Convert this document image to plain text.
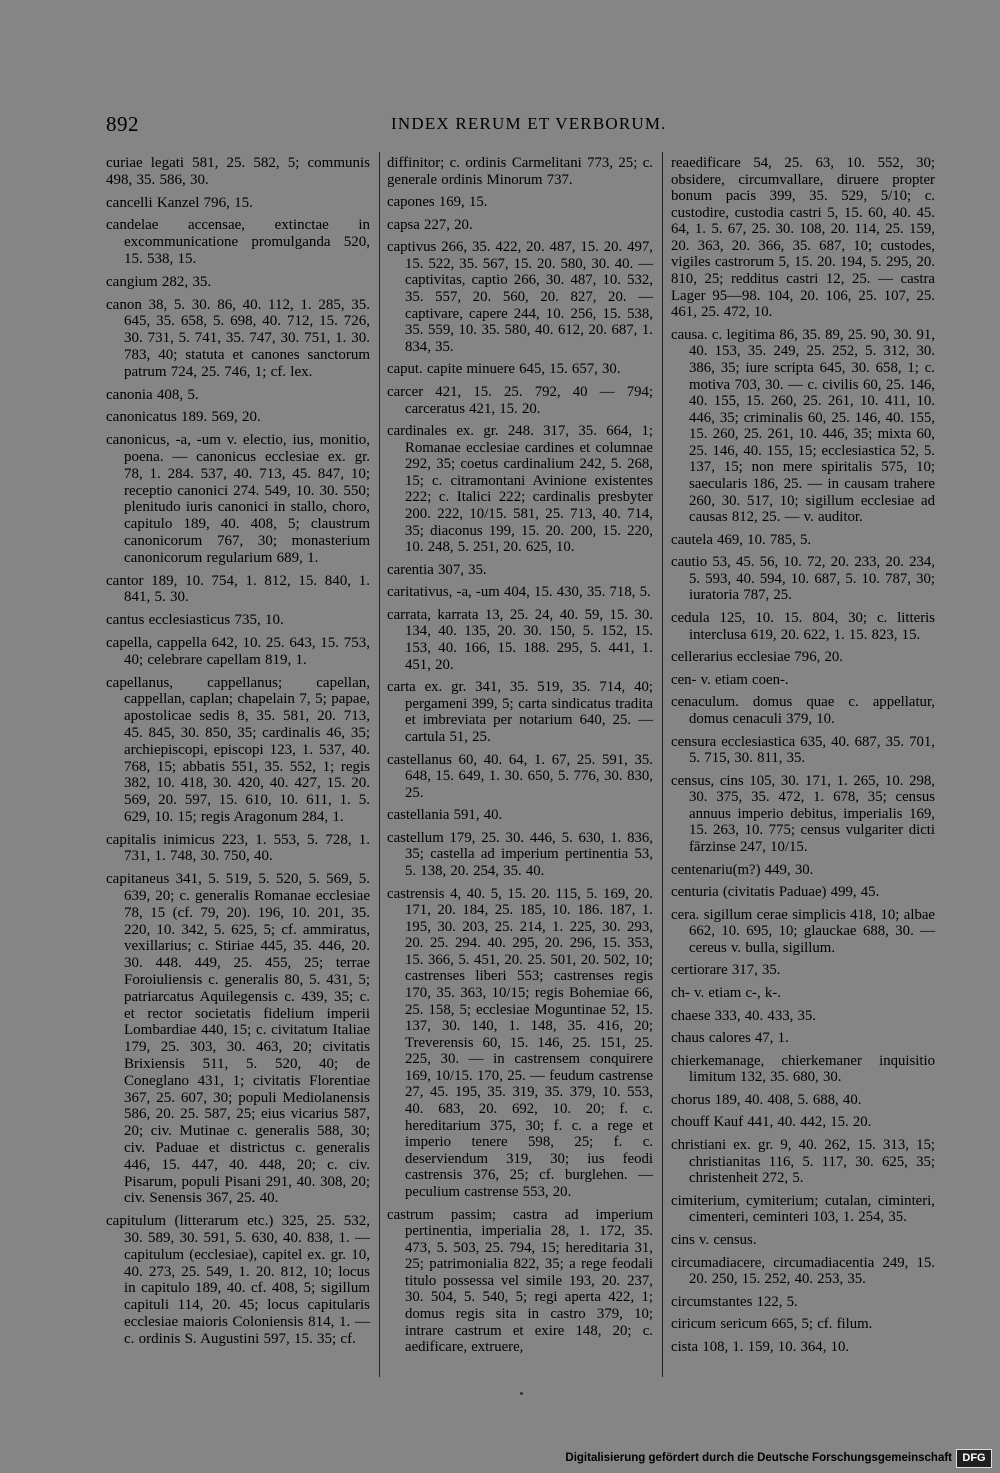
892	INDEX RERUM ET VERBORUM.
curiae legati 581, 25. 582, 5; communis 498, 35. 586, 30.
cancelli Kanzel 796, 15.
candelae accensae, extinctae in excommunicatione promulganda 520, 15. 538, 15.
cangium 282, 35.
canon 38, 5. 30. 86, 40. 112, 1. 285, 35. 645, 35. 658, 5. 698, 40. 712, 15. 726, 30. 731, 5. 741, 35. 747, 30. 751, 1. 30. 783, 40; statuta et canones sanctorum patrum 724, 25. 746, 1; cf. lex.
canonia 408, 5.
canonicatus 189. 569, 20.
canonicus, -a, -um v. electio, ius, monitio, poena. — canonicus ecclesiae ex. gr. 78, 1. 284. 537, 40. 713, 45. 847, 10; receptio canonici 274. 549, 10. 30. 550; plenitudo iuris canonici in stallo, choro, capitulo 189, 40. 408, 5; claustrum canonicorum 767, 30; monasterium canonicorum regularium 689, 1.
cantor 189, 10. 754, 1. 812, 15. 840, 1. 841, 5. 30.
cantus ecclesiasticus 735, 10.
capella, cappella 642, 10. 25. 643, 15. 753, 40; celebrare capellam 819, 1.
capellanus, cappellanus; capellan, cappellan, caplan; chapelain 7, 5; papae, apostolicae sedis 8, 35. 581, 20. 713, 45. 845, 30. 850, 35; cardinalis 46, 35; archiepiscopi, episcopi 123, 1. 537, 40. 768, 15; abbatis 551, 35. 552, 1; regis 382, 10. 418, 30. 420, 40. 427, 15. 20. 569, 20. 597, 15. 610, 10. 611, 1. 5. 629, 10. 15; regis Aragonum 284, 1.
capitalis inimicus 223, 1. 553, 5. 728, 1. 731, 1. 748, 30. 750, 40.
capitaneus 341, 5. 519, 5. 520, 5. 569, 5. 639, 20; c. generalis Romanae ecclesiae 78, 15 (cf. 79, 20). 196, 10. 201, 35. 220, 10. 342, 5. 625, 5; cf. ammiratus, vexillarius; c. Stiriae 445, 35. 446, 20. 30. 448. 449, 25. 455, 25; terrae Foroiuliensis c. generalis 80, 5. 431, 5; patriarcatus Aquilegensis c. 439, 35; c. et rector societatis fidelium imperii Lombardiae 440, 15; c. civitatum Italiae 179, 25. 303, 30. 463, 20; civitatis Brixiensis 511, 5. 520, 40; de Coneglano 431, 1; civitatis Florentiae 367, 25. 607, 30; populi Mediolanensis 586, 20. 25. 587, 25; eius vicarius 587, 20; civ. Mutinae c. generalis 588, 30; civ. Paduae et districtus c. generalis 446, 15. 447, 40. 448, 20; c. civ. Pisarum, populi Pisani 291, 40. 308, 20; civ. Senensis 367, 25. 40.
capitulum (litterarum etc.) 325, 25. 532, 30. 589, 30. 591, 5. 630, 40. 838, 1. — capitulum (ecclesiae), capitel ex. gr. 10, 40. 273, 25. 549, 1. 20. 812, 10; locus in capitulo 189, 40. cf. 408, 5; sigillum capituli 114, 20. 45; locus capitularis ecclesiae maioris Coloniensis 814, 1. — c. ordinis S. Augustini 597, 15. 35; cf.
diffinitor; c. ordinis Carmelitani 773, 25; c. generale ordinis Minorum 737.
capones 169, 15.
capsa 227, 20.
captivus 266, 35. 422, 20. 487, 15. 20. 497, 15. 522, 35. 567, 15. 20. 580, 30. 40. — captivitas, captio 266, 30. 487, 10. 532, 35. 557, 20. 560, 20. 827, 20. — captivare, capere 244, 10. 256, 15. 538, 35. 559, 10. 35. 580, 40. 612, 20. 687, 1. 834, 35.
caput. capite minuere 645, 15. 657, 30.
carcer 421, 15. 25. 792, 40 — 794; carceratus 421, 15. 20.
cardinales ex. gr. 248. 317, 35. 664, 1; Romanae ecclesiae cardines et columnae 292, 35; coetus cardinalium 242, 5. 268, 15; c. citramontani Avinione existentes 222; c. Italici 222; cardinalis presbyter 200. 222, 10/15. 581, 25. 713, 40. 714, 35; diaconus 199, 15. 20. 200, 15. 220, 10. 248, 5. 251, 20. 625, 10.
carentia 307, 35.
caritativus, -a, -um 404, 15. 430, 35. 718, 5.
carrata, karrata 13, 25. 24, 40. 59, 15. 30. 134, 40. 135, 20. 30. 150, 5. 152, 15. 153, 40. 166, 15. 188. 295, 5. 441, 1. 451, 20.
carta ex. gr. 341, 35. 519, 35. 714, 40; pergameni 399, 5; carta sindicatus tradita et imbreviata per notarium 640, 25. — cartula 51, 25.
castellanus 60, 40. 64, 1. 67, 25. 591, 35. 648, 15. 649, 1. 30. 650, 5. 776, 30. 830, 25.
castellania 591, 40.
castellum 179, 25. 30. 446, 5. 630, 1. 836, 35; castella ad imperium pertinentia 53, 5. 138, 20. 254, 35. 40.
castrensis 4, 40. 5, 15. 20. 115, 5. 169, 20. 171, 20. 184, 25. 185, 10. 186. 187, 1. 195, 30. 203, 25. 214, 1. 225, 30. 293, 20. 25. 294. 40. 295, 20. 296, 15. 353, 15. 366, 5. 451, 20. 25. 501, 20. 502, 10; castrenses liberi 553; castrenses regis 170, 35. 363, 10/15; regis Bohemiae 66, 25. 158, 5; ecclesiae Moguntinae 52, 15. 137, 30. 140, 1. 148, 35. 416, 20; Treverensis 60, 15. 146, 25. 151, 25. 225, 30. — in castrensem conquirere 169, 10/15. 170, 25. — feudum castrense 27, 45. 195, 35. 319, 35. 379, 10. 553, 40. 683, 20. 692, 10. 20; f. c. hereditarium 375, 30; f. c. a rege et imperio tenere 598, 25; f. c. deserviendum 319, 30; ius feodi castrensis 376, 25; cf. burglehen. — peculium castrense 553, 20.
castrum passim; castra ad imperium pertinentia, imperialia 28, 1. 172, 35. 473, 5. 503, 25. 794, 15; hereditaria 31, 25; patrimonialia 822, 35; a rege feodali titulo possessa vel simile 193, 20. 237, 30. 504, 5. 540, 5; regi aperta 422, 1; domus regis sita in castro 379, 10; intrare castrum et exire 148, 20; c. aedificare, extruere,
reaedificare 54, 25. 63, 10. 552, 30; obsidere, circumvallare, diruere propter bonum pacis 399, 35. 529, 5/10; c. custodire, custodia castri 5, 15. 60, 40. 45. 64, 1. 5. 67, 25. 30. 108, 20. 114, 25. 159, 20. 363, 20. 366, 35. 687, 10; custodes, vigiles castrorum 5, 15. 20. 194, 5. 295, 20. 810, 25; redditus castri 12, 25. — castra Lager 95—98. 104, 20. 106, 25. 107, 25. 461, 25. 472, 10.
causa. c. legitima 86, 35. 89, 25. 90, 30. 91, 40. 153, 35. 249, 25. 252, 5. 312, 30. 386, 35; iure scripta 645, 30. 658, 1; c. motiva 703, 30. — c. civilis 60, 25. 146, 40. 155, 15. 260, 25. 261, 10. 411, 10. 446, 35; criminalis 60, 25. 146, 40. 155, 15. 260, 25. 261, 10. 446, 35; mixta 60, 25. 146, 40. 155, 15; ecclesiastica 52, 5. 137, 15; non mere spiritalis 575, 10; saecularis 186, 25. — in causam trahere 260, 30. 517, 10; sigillum ecclesiae ad causas 812, 25. — v. auditor.
cautela 469, 10. 785, 5.
cautio 53, 45. 56, 10. 72, 20. 233, 20. 234, 5. 593, 40. 594, 10. 687, 5. 10. 787, 30; iuratoria 787, 25.
cedula 125, 10. 15. 804, 30; c. litteris interclusa 619, 20. 622, 1. 15. 823, 15.
cellerarius ecclesiae 796, 20.
cen- v. etiam coen-.
cenaculum. domus quae c. appellatur, domus cenaculi 379, 10.
censura ecclesiastica 635, 40. 687, 35. 701, 5. 715, 30. 811, 35.
census, cins 105, 30. 171, 1. 265, 10. 298, 30. 375, 35. 472, 1. 678, 35; census annuus imperio debitus, imperialis 169, 15. 263, 10. 775; census vulgariter dicti fārzinse 247, 10/15.
centenariu(m?) 449, 30.
centuria (civitatis Paduae) 499, 45.
cera. sigillum cerae simplicis 418, 10; albae 662, 10. 695, 10; glauckae 688, 30. — cereus v. bulla, sigillum.
certiorare 317, 35.
ch- v. etiam c-, k-.
chaese 333, 40. 433, 35.
chaus calores 47, 1.
chierkemanage, chierkemaner inquisitio limitum 132, 35. 680, 30.
chorus 189, 40. 408, 5. 688, 40.
chouff Kauf 441, 40. 442, 15. 20.
christiani ex. gr. 9, 40. 262, 15. 313, 15; christianitas 116, 5. 117, 30. 625, 35; christenheit 272, 5.
cimiterium, cymiterium; cutalan, ciminteri, cimenteri, ceminteri 103, 1. 254, 35.
cins v. census.
circumadiacere, circumadiacentia 249, 15. 20. 250, 15. 252, 40. 253, 35.
circumstantes 122, 5.
ciricum sericum 665, 5; cf. filum.
cista 108, 1. 159, 10. 364, 10.
Digitalisierung gefördert durch die Deutsche Forschungsgemeinschaft DFG
